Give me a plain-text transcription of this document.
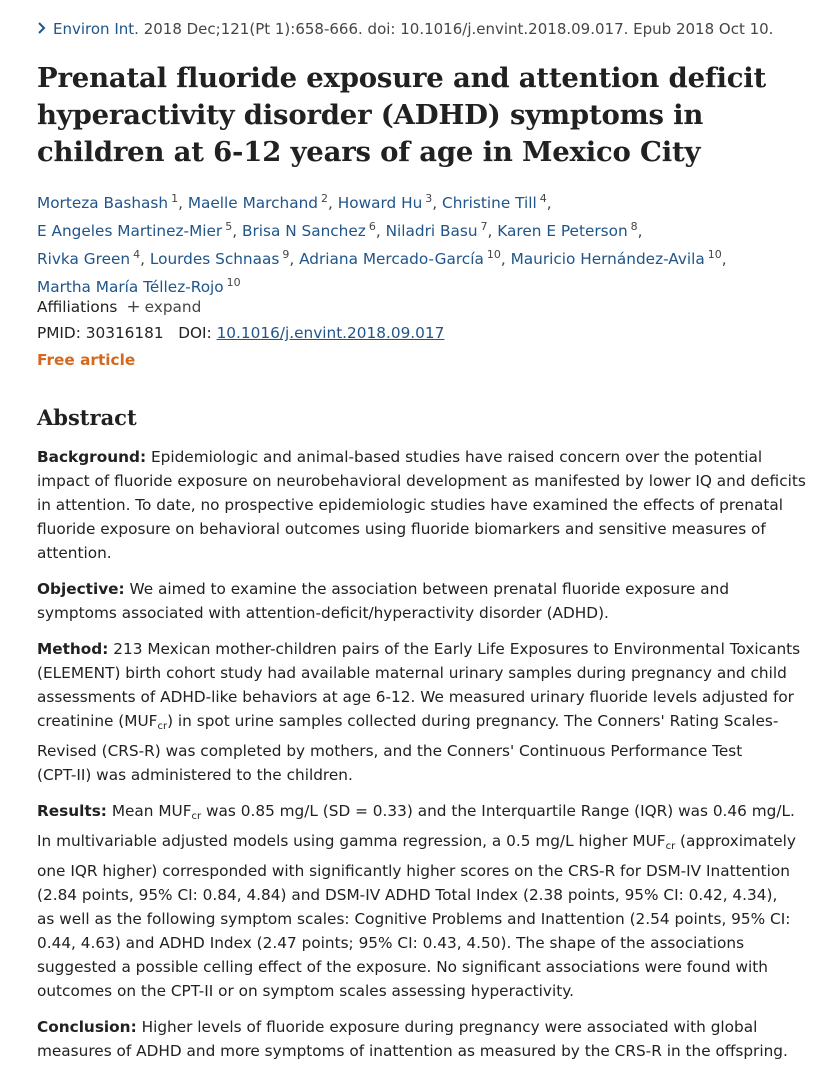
Environ Int. 2018 Dec;121(Pt 1):658-666. doi: 10.1016/j.envint.2018.09.017. Epub 2018 Oct 10.
Prenatal fluoride exposure and attention deficit hyperactivity disorder (ADHD) symptoms in children at 6-12 years of age in Mexico City
Morteza Bashash $^1$, Maelle Marchand $^2$, Howard Hu $^3$, Christine Till $^4$,
E Angeles Martinez-Mier $^5$, Brisa N Sanchez $^6$, Niladri Basu $^7$, Karen E Peterson $^8$,
Rivka Green $^4$, Lourdes Schnaas $^9$, Adriana Mercado-García $^{10}$, Mauricio Hernández-Avila $^{10}$,
Martha María Téllez-Rojo $^{10}$
Affiliations + expand
PMID: 30316181 DOI: 10.1016/j.envint.2018.09.017
Free article
Abstract

Background: Epidemiologic and animal-based studies have raised concern over the potential
impact of fluoride exposure on neurobehavioral development as manifested by lower IQ and deficits
in attention. To date, no prospective epidemiologic studies have examined the effects of prenatal
fluoride exposure on behavioral outcomes using fluoride biomarkers and sensitive measures of
attention.

Objective: We aimed to examine the association between prenatal fluoride exposure and
symptoms associated with attention-deficit/hyperactivity disorder (ADHD).

Method: 213 Mexican mother-children pairs of the Early Life Exposures to Environmental Toxicants
(ELEMENT) birth cohort study had available maternal urinary samples during pregnancy and child
assessments of ADHD-like behaviors at age 6-12. We measured urinary fluoride levels adjusted for
creatinine $(MUF_{cr})$ in spot urine samples collected during pregnancy. The Conners' Rating Scales-
Revised (CRS-R) was completed by mothers, and the Conners' Continuous Performance Test
(CPT-II) was administered to the children.

Results: Mean $MUF_{cr}$ was 0.85 mg/L (SD = 0.33) and the Interquartile Range (IQR) was 0.46 mg/L.
In multivariable adjusted models using gamma regression, a 0.5 mg/L higher $MUF_{cr}$ (approximately
one IQR higher) corresponded with significantly higher scores on the CRS-R for DSM-IV Inattention
(2.84 points, 95% CI: 0.84, 4.84) and DSM-IV ADHD Total Index (2.38 points, 95% CI: 0.42, 4.34),
as well as the following symptom scales: Cognitive Problems and Inattention (2.54 points, 95% CI:
0.44, 4.63) and ADHD Index (2.47 points; 95% CI: 0.43, 4.50). The shape of the associations
suggested a possible celling effect of the exposure. No significant associations were found with
outcomes on the CPT-II or on symptom scales assessing hyperactivity.

Conclusion: Higher levels of fluoride exposure during pregnancy were associated with global
measures of ADHD and more symptoms of inattention as measured by the CRS-R in the offspring.
